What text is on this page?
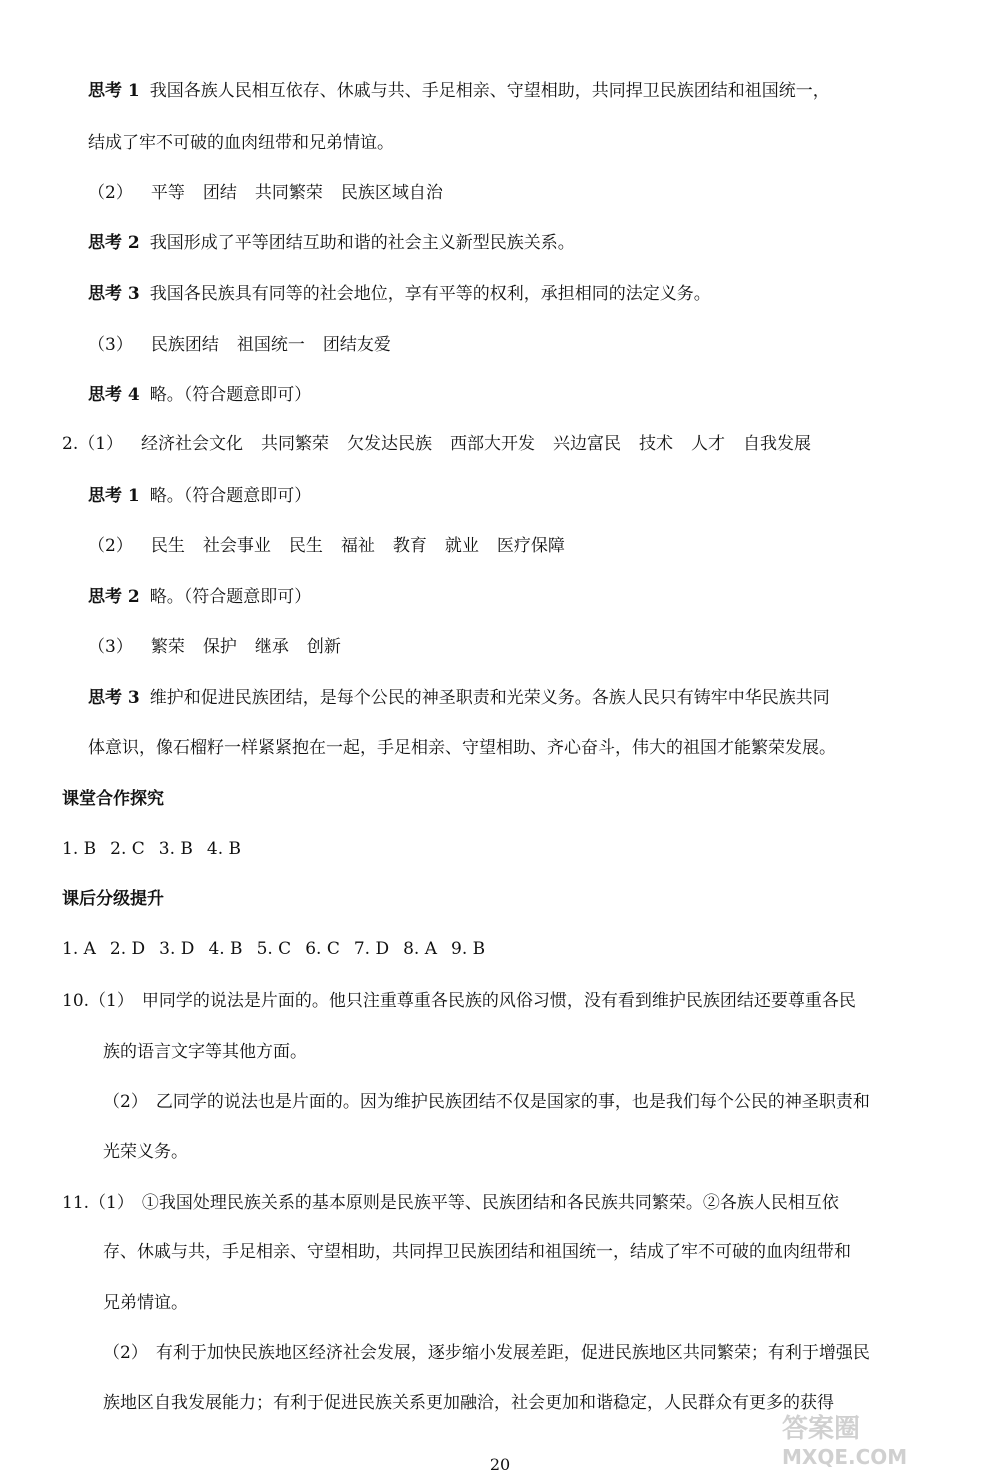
思考 1 我国各族人民相互依存、休戚与共、手足相亲、守望相助，共同捍卫民族团结和祖国统一，
结成了牢不可破的血肉纽带和兄弟情谊。
（2） 平等 团结 共同繁荣 民族区域自治
思考 2 我国形成了平等团结互助和谐的社会主义新型民族关系。
思考 3 我国各民族具有同等的社会地位，享有平等的权利，承担相同的法定义务。
（3） 民族团结 祖国统一 团结友爱
思考 4 略。（符合题意即可）
2.（1） 经济社会文化 共同繁荣 欠发达民族 西部大开发 兴边富民 技术 人才 自我发展
思考 1 略。（符合题意即可）
（2） 民生 社会事业 民生 福祉 教育 就业 医疗保障
思考 2 略。（符合题意即可）
（3） 繁荣 保护 继承 创新
思考 3 维护和促进民族团结，是每个公民的神圣职责和光荣义务。各族人民只有铸牢中华民族共同
体意识，像石榴籽一样紧紧抱在一起，手足相亲、守望相助、齐心奋斗，伟大的祖国才能繁荣发展。
课堂合作探究
1. B 2. C 3. B 4. B
课后分级提升
1. A 2. D 3. D 4. B 5. C 6. C 7. D 8. A 9. B
10.（1） 甲同学的说法是片面的。他只注重尊重各民族的风俗习惯，没有看到维护民族团结还要尊重各民
族的语言文字等其他方面。
（2） 乙同学的说法也是片面的。因为维护民族团结不仅是国家的事，也是我们每个公民的神圣职责和
光荣义务。
11.（1） ①我国处理民族关系的基本原则是民族平等、民族团结和各民族共同繁荣。②各族人民相互依
存、休戚与共，手足相亲、守望相助，共同捍卫民族团结和祖国统一，结成了牢不可破的血肉纽带和
兄弟情谊。
（2） 有利于加快民族地区经济社会发展，逐步缩小发展差距，促进民族地区共同繁荣；有利于增强民
族地区自我发展能力；有利于促进民族关系更加融洽，社会更加和谐稳定，人民群众有更多的获得
20
答案圈
MXQE.COM
